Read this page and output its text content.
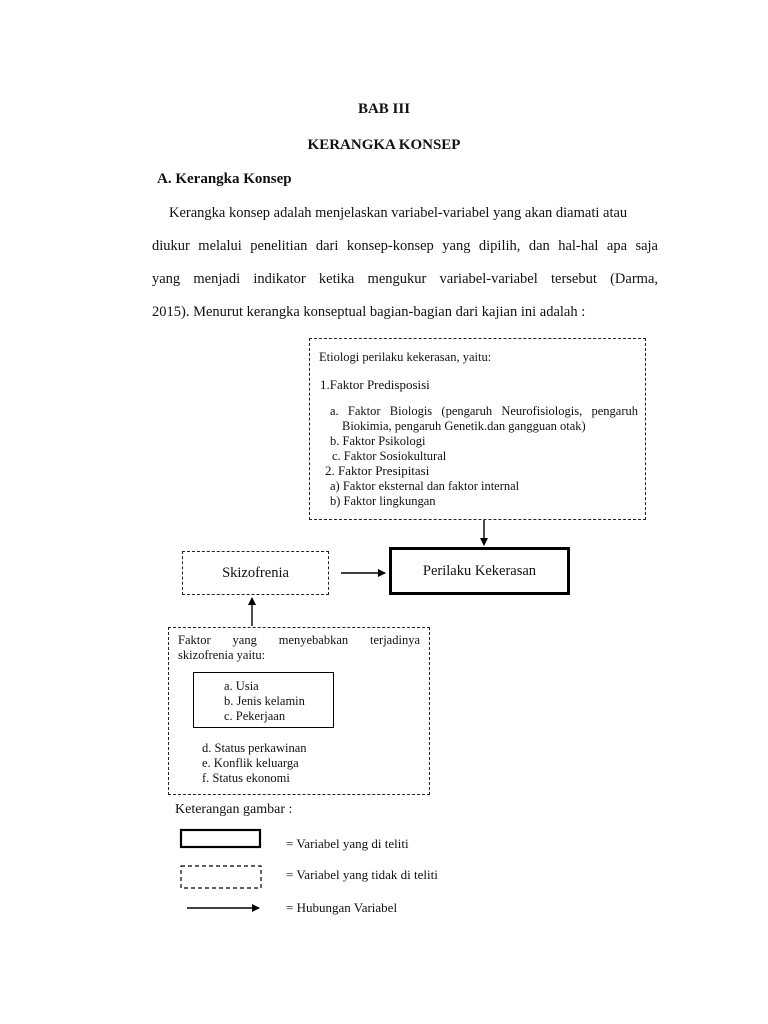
BAB III
KERANGKA KONSEP
A. Kerangka Konsep

Kerangka konsep adalah menjelaskan variabel-variabel yang akan diamati atau

diukur melalui penelitian dari konsep-konsep yang dipilih, dan hal-hal apa saja

yang menjadi indikator ketika mengukur variabel-variabel tersebut (Darma,

2015). Menurut kerangka konseptual bagian-bagian dari kajian ini adalah :

Etiologi perilaku kekerasan, yaitu:
1.Faktor Predisposisi
a. Faktor Biologis (pengaruh Neurofisiologis, pengaruh
Biokimia, pengaruh Genetik.dan gangguan otak)
b. Faktor Psikologi
c. Faktor Sosiokultural
2. Faktor Presipitasi
a) Faktor eksternal dan faktor internal
b) Faktor lingkungan
Skizofrenia	Perilaku Kekerasan
Faktor yang menyebabkan terjadinya
skizofrenia yaitu:
a. Usia
b. Jenis kelamin
c. Pekerjaan
d. Status perkawinan
e. Konflik keluarga
f. Status ekonomi
Keterangan gambar :
= Variabel yang di teliti
= Variabel yang tidak di teliti
= Hubungan Variabel
